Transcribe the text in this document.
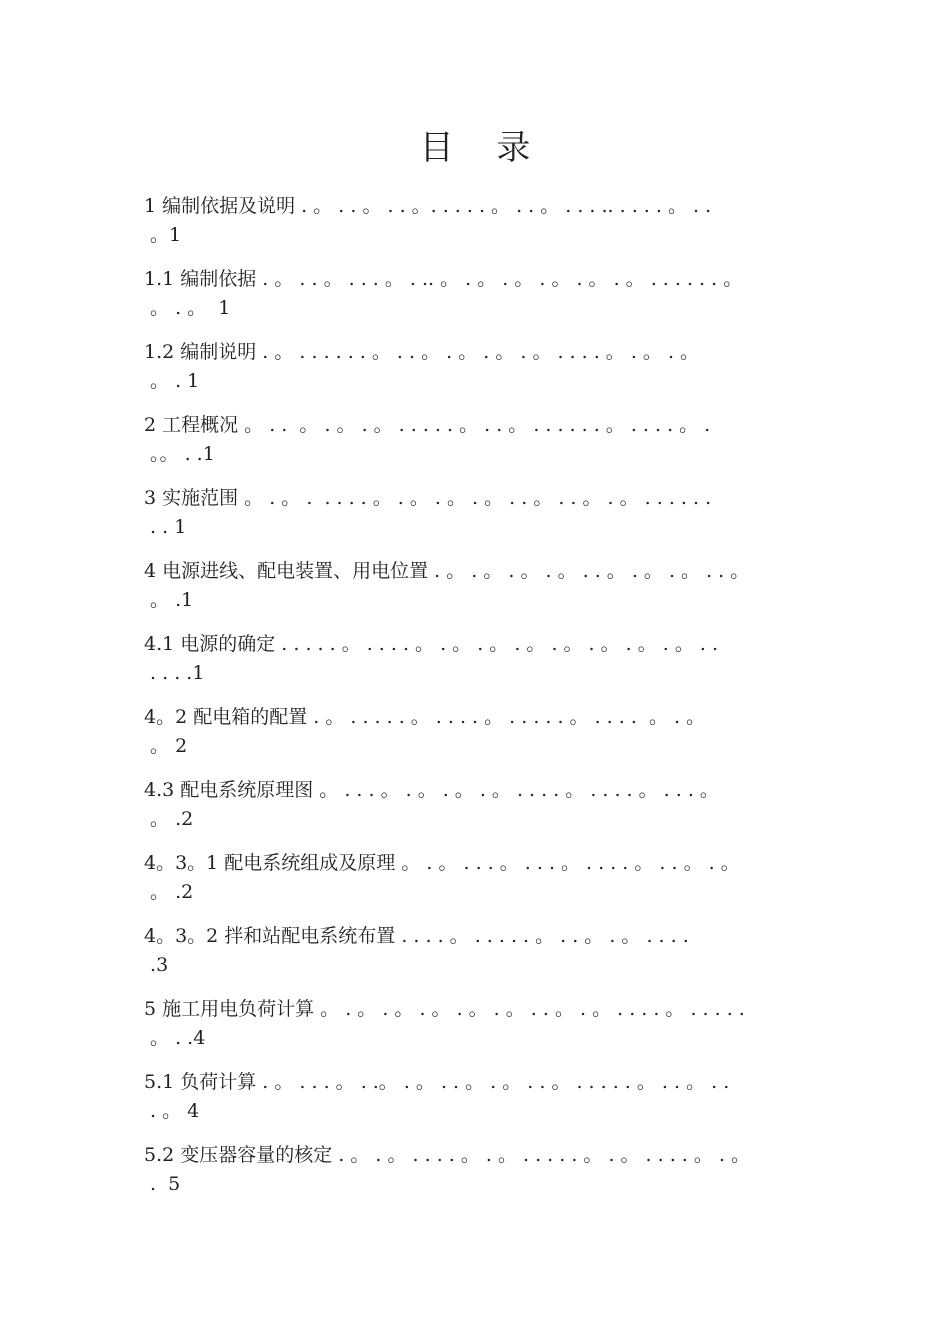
目 录
1 编制依据及说明 . 。 . . 。 . . 。. . . . . 。 . . 。 . . . .. . . . . 。 . .
。1
1.1 编制依据 . 。 . . 。 . . . 。 . .. 。 . 。 . 。 . 。 . 。 . 。 . . . . . . 。
。 . 。  1
1.2 编制说明 . 。 . . . . . . 。 . . 。 . 。 . 。 . 。 . . . . 。 . 。 . 。
。 . 1
2 工程概况 。 . .  。 . 。 . 。 . . . . . 。 . . 。 . . . . . . 。 . . . . 。 .
。。 . .1
3 实施范围 。 . 。 .  . . . . 。 . 。 . 。 . 。 . . 。 . . 。 . 。 . . . . . .
. . 1
4 电源进线、配电装置、用电位置 . 。 . 。 . 。 . 。 . . 。 . 。 . 。 . . 。
。 .1
4.1 电源的确定 . . . . . 。 . . . . 。 . 。 . 。 . 。 . 。 . 。 . 。 . 。 . .
. . . .1
4。2 配电箱的配置 . 。 . . . . . 。 . . . . 。 . . . . . 。 . . . .  。 . 。
。 2
4.3 配电系统原理图 。 . . . 。 . 。 . 。 . 。 . . . . 。 . . . . 。 . . . 。
。 .2
4。3。1 配电系统组成及原理 。 . 。 . . . 。 . . . 。 . . . . 。 . . 。 . 。
。 .2
4。3。2 拌和站配电系统布置 . . . . 。 . . . . . 。 . . 。 . 。 . . . .
.3
5 施工用电负荷计算 。 . 。 . 。 . 。 . 。 . 。 . . 。 . 。 . . . . 。 . . . . .
。 . .4
5.1 负荷计算 . 。 . . . 。 . .。 . 。 . . 。 . 。 . . 。 . . . . . 。 . . 。 . .
. 。 4
5.2 变压器容量的核定 . 。 . 。 . . . . 。 . 。 . . . . . 。 . 。 . . . . 。 . 。
.  5
